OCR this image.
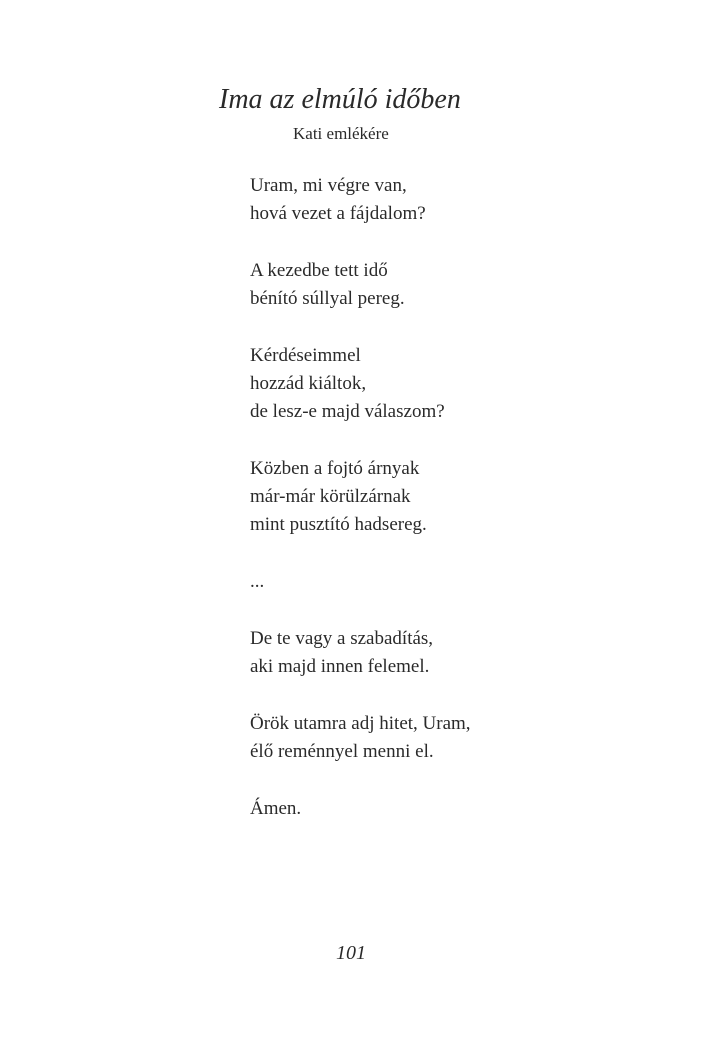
Ima az elmúló időben
Kati emlékére

Uram, mi végre van,
hová vezet a fájdalom?

A kezedbe tett idő
bénító súllyal pereg.

Kérdéseimmel
hozzád kiáltok,
de lesz-e majd válaszom?

Közben a fojtó árnyak
már-már körülzárnak
mint pusztító hadsereg.

...

De te vagy a szabadítás,
aki majd innen felemel.

Örök utamra adj hitet, Uram,
élő reménnyel menni el.

Ámen.

101
